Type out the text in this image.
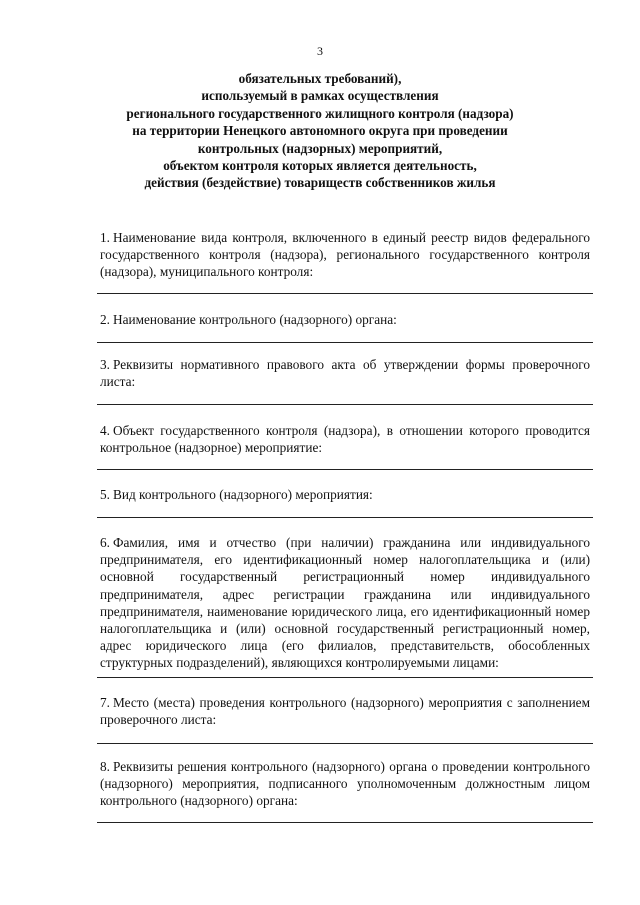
3
обязательных требований),
используемый в рамках осуществления
регионального государственного жилищного контроля (надзора)
на территории Ненецкого автономного округа при проведении
контрольных (надзорных) мероприятий,
объектом контроля которых является деятельность,
действия (бездействие) товариществ собственников жилья
1. Наименование вида контроля, включенного в единый реестр видов федерального государственного контроля (надзора), регионального государственного контроля (надзора), муниципального контроля:
2. Наименование контрольного (надзорного) органа:
3. Реквизиты нормативного правового акта об утверждении формы проверочного листа:
4. Объект государственного контроля (надзора), в отношении которого проводится контрольное (надзорное) мероприятие:
5. Вид контрольного (надзорного) мероприятия:
6. Фамилия, имя и отчество (при наличии) гражданина или индивидуального предпринимателя, его идентификационный номер налогоплательщика и (или) основной государственный регистрационный номер индивидуального предпринимателя, адрес регистрации гражданина или индивидуального предпринимателя, наименование юридического лица, его идентификационный номер налогоплательщика и (или) основной государственный регистрационный номер, адрес юридического лица (его филиалов, представительств, обособленных структурных подразделений), являющихся контролируемыми лицами:
7. Место (места) проведения контрольного (надзорного) мероприятия с заполнением проверочного листа:
8. Реквизиты решения контрольного (надзорного) органа о проведении контрольного (надзорного) мероприятия, подписанного уполномоченным должностным лицом контрольного (надзорного) органа:
